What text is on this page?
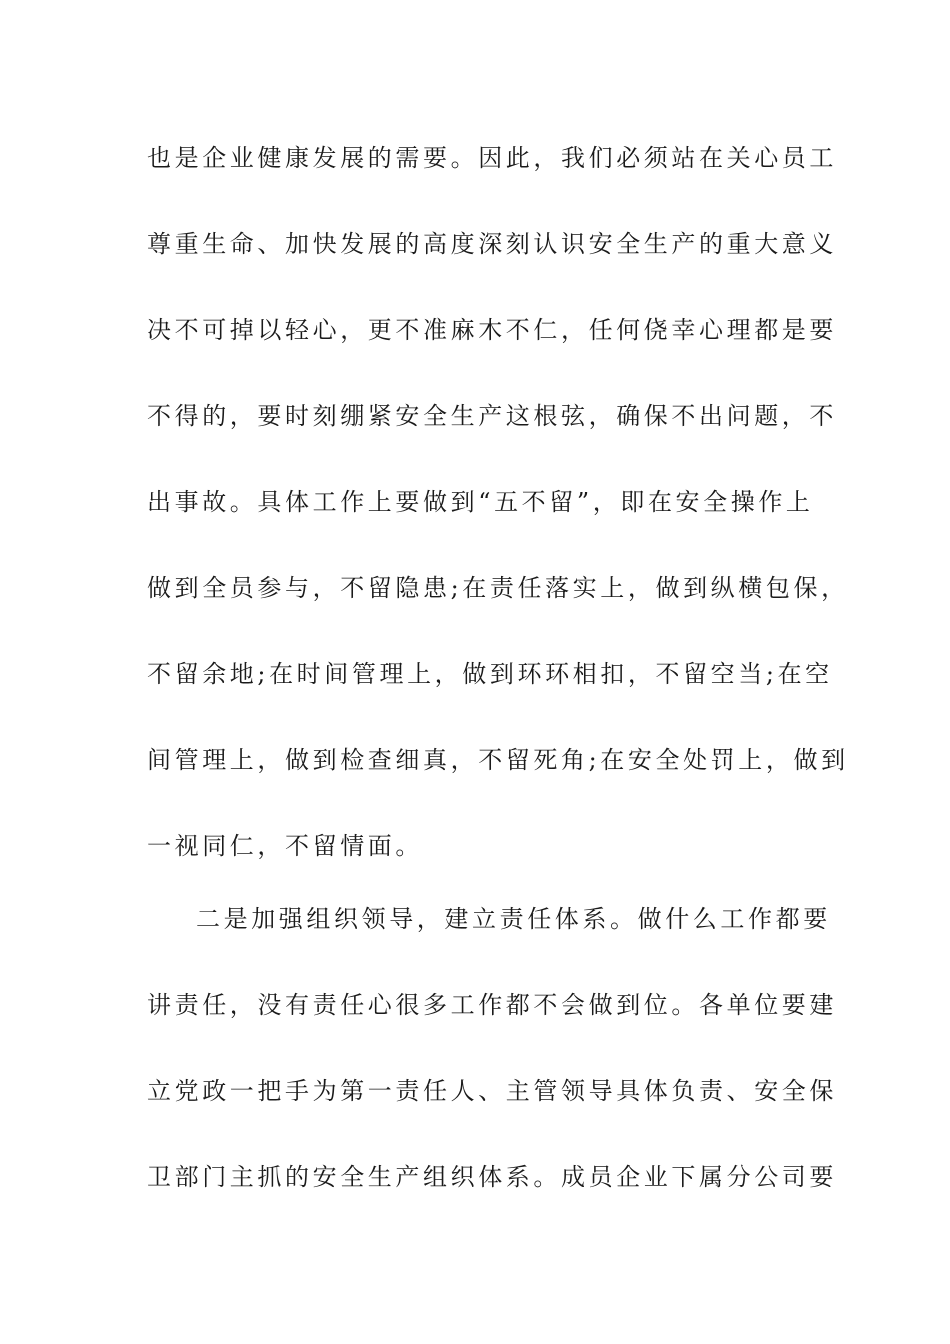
也是企业健康发展的需要。因此，我们必须站在关心员工
尊重生命、加快发展的高度深刻认识安全生产的重大意义
决不可掉以轻心，更不准麻木不仁，任何侥幸心理都是要
不得的，要时刻绷紧安全生产这根弦，确保不出问题，不
出事故。具体工作上要做到“五不留”，即在安全操作上
做到全员参与，不留隐患;在责任落实上，做到纵横包保，
不留余地;在时间管理上，做到环环相扣，不留空当;在空
间管理上，做到检查细真，不留死角;在安全处罚上，做到
一视同仁，不留情面。
二是加强组织领导，建立责任体系。做什么工作都要
讲责任，没有责任心很多工作都不会做到位。各单位要建
立党政一把手为第一责任人、主管领导具体负责、安全保
卫部门主抓的安全生产组织体系。成员企业下属分公司要
